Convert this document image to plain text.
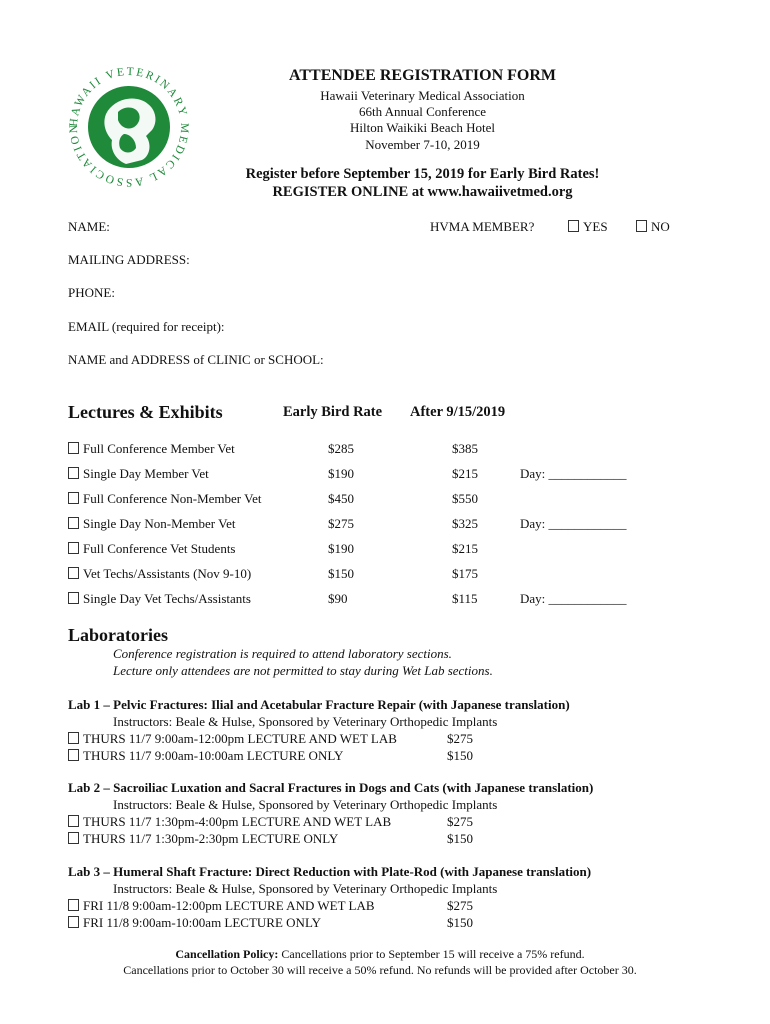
HAWAII VETERINARY MEDICAL ASSOCIATION
ATTENDEE REGISTRATION FORM
Hawaii Veterinary Medical Association
66th Annual Conference
Hilton Waikiki Beach Hotel
November 7-10, 2019
Register before September 15, 2019 for Early Bird Rates!
REGISTER ONLINE at www.hawaiivetmed.org
NAME:	HVMA MEMBER?	YES	NO
MAILING ADDRESS:
PHONE:
EMAIL (required for receipt):
NAME and ADDRESS of CLINIC or SCHOOL:
Lectures & Exhibits	Early Bird Rate After 9/15/2019
Full Conference Member Vet	$285	$385
Single Day Member Vet	$190	$215	Day: ____________
Full Conference Non-Member Vet	$450	$550
Single Day Non-Member Vet	$275	$325	Day: ____________
Full Conference Vet Students	$190	$215
Vet Techs/Assistants (Nov 9-10)	$150	$175
Single Day Vet Techs/Assistants	$90	$115	Day: ____________
Laboratories
Conference registration is required to attend laboratory sections.
Lecture only attendees are not permitted to stay during Wet Lab sections.
Lab 1 – Pelvic Fractures: Ilial and Acetabular Fracture Repair (with Japanese translation)
Instructors: Beale & Hulse, Sponsored by Veterinary Orthopedic Implants
THURS 11/7 9:00am-12:00pm LECTURE AND WET LAB	$275
THURS 11/7 9:00am-10:00am LECTURE ONLY	$150
Lab 2 – Sacroiliac Luxation and Sacral Fractures in Dogs and Cats (with Japanese translation)
Instructors: Beale & Hulse, Sponsored by Veterinary Orthopedic Implants
THURS 11/7 1:30pm-4:00pm LECTURE AND WET LAB	$275
THURS 11/7 1:30pm-2:30pm LECTURE ONLY	$150
Lab 3 – Humeral Shaft Fracture: Direct Reduction with Plate-Rod (with Japanese translation)
Instructors: Beale & Hulse, Sponsored by Veterinary Orthopedic Implants
FRI 11/8 9:00am-12:00pm LECTURE AND WET LAB	$275
FRI 11/8 9:00am-10:00am LECTURE ONLY	$150
Cancellation Policy: Cancellations prior to September 15 will receive a 75% refund.
Cancellations prior to October 30 will receive a 50% refund. No refunds will be provided after October 30.
